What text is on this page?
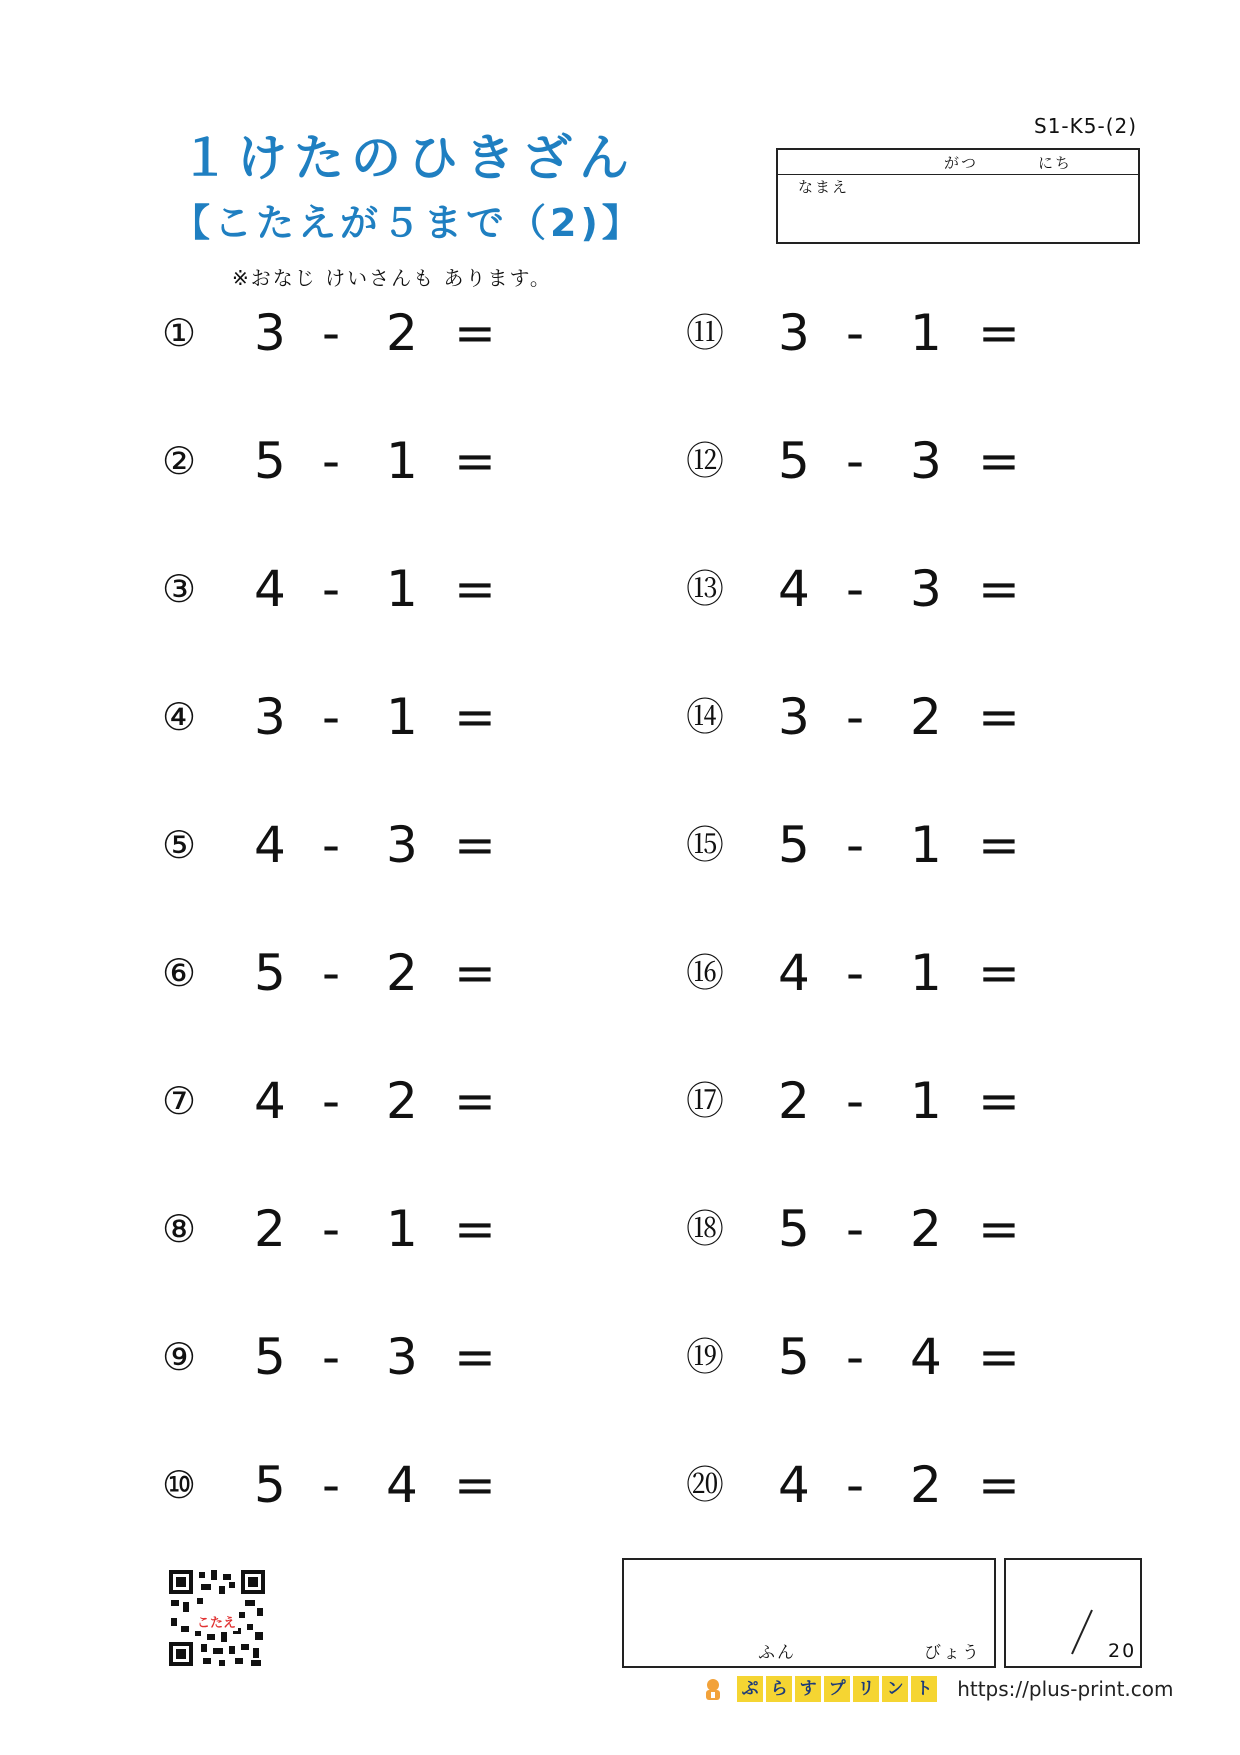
１けたのひきざん
【こたえが５まで（2)】
※おなじ けいさんも あります。
S1-K5-(2)
がつ	にち
なまえ
① 3 - 2 =
② 5 - 1 =
③ 4 - 1 =
④ 3 - 1 =
⑤ 4 - 3 =
⑥ 5 - 2 =
⑦ 4 - 2 =
⑧ 2 - 1 =
⑨ 5 - 3 =
⑩ 5 - 4 =
⑪ 3 - 1 =
⑫ 5 - 3 =
⑬ 4 - 3 =
⑭ 3 - 2 =
⑮ 5 - 1 =
⑯ 4 - 1 =
⑰ 2 - 1 =
⑱ 5 - 2 =
⑲ 5 - 4 =
⑳ 4 - 2 =
こたえ
ふん	びょう	20
ぷ ら す プ リ ン ト https://plus-print.com
